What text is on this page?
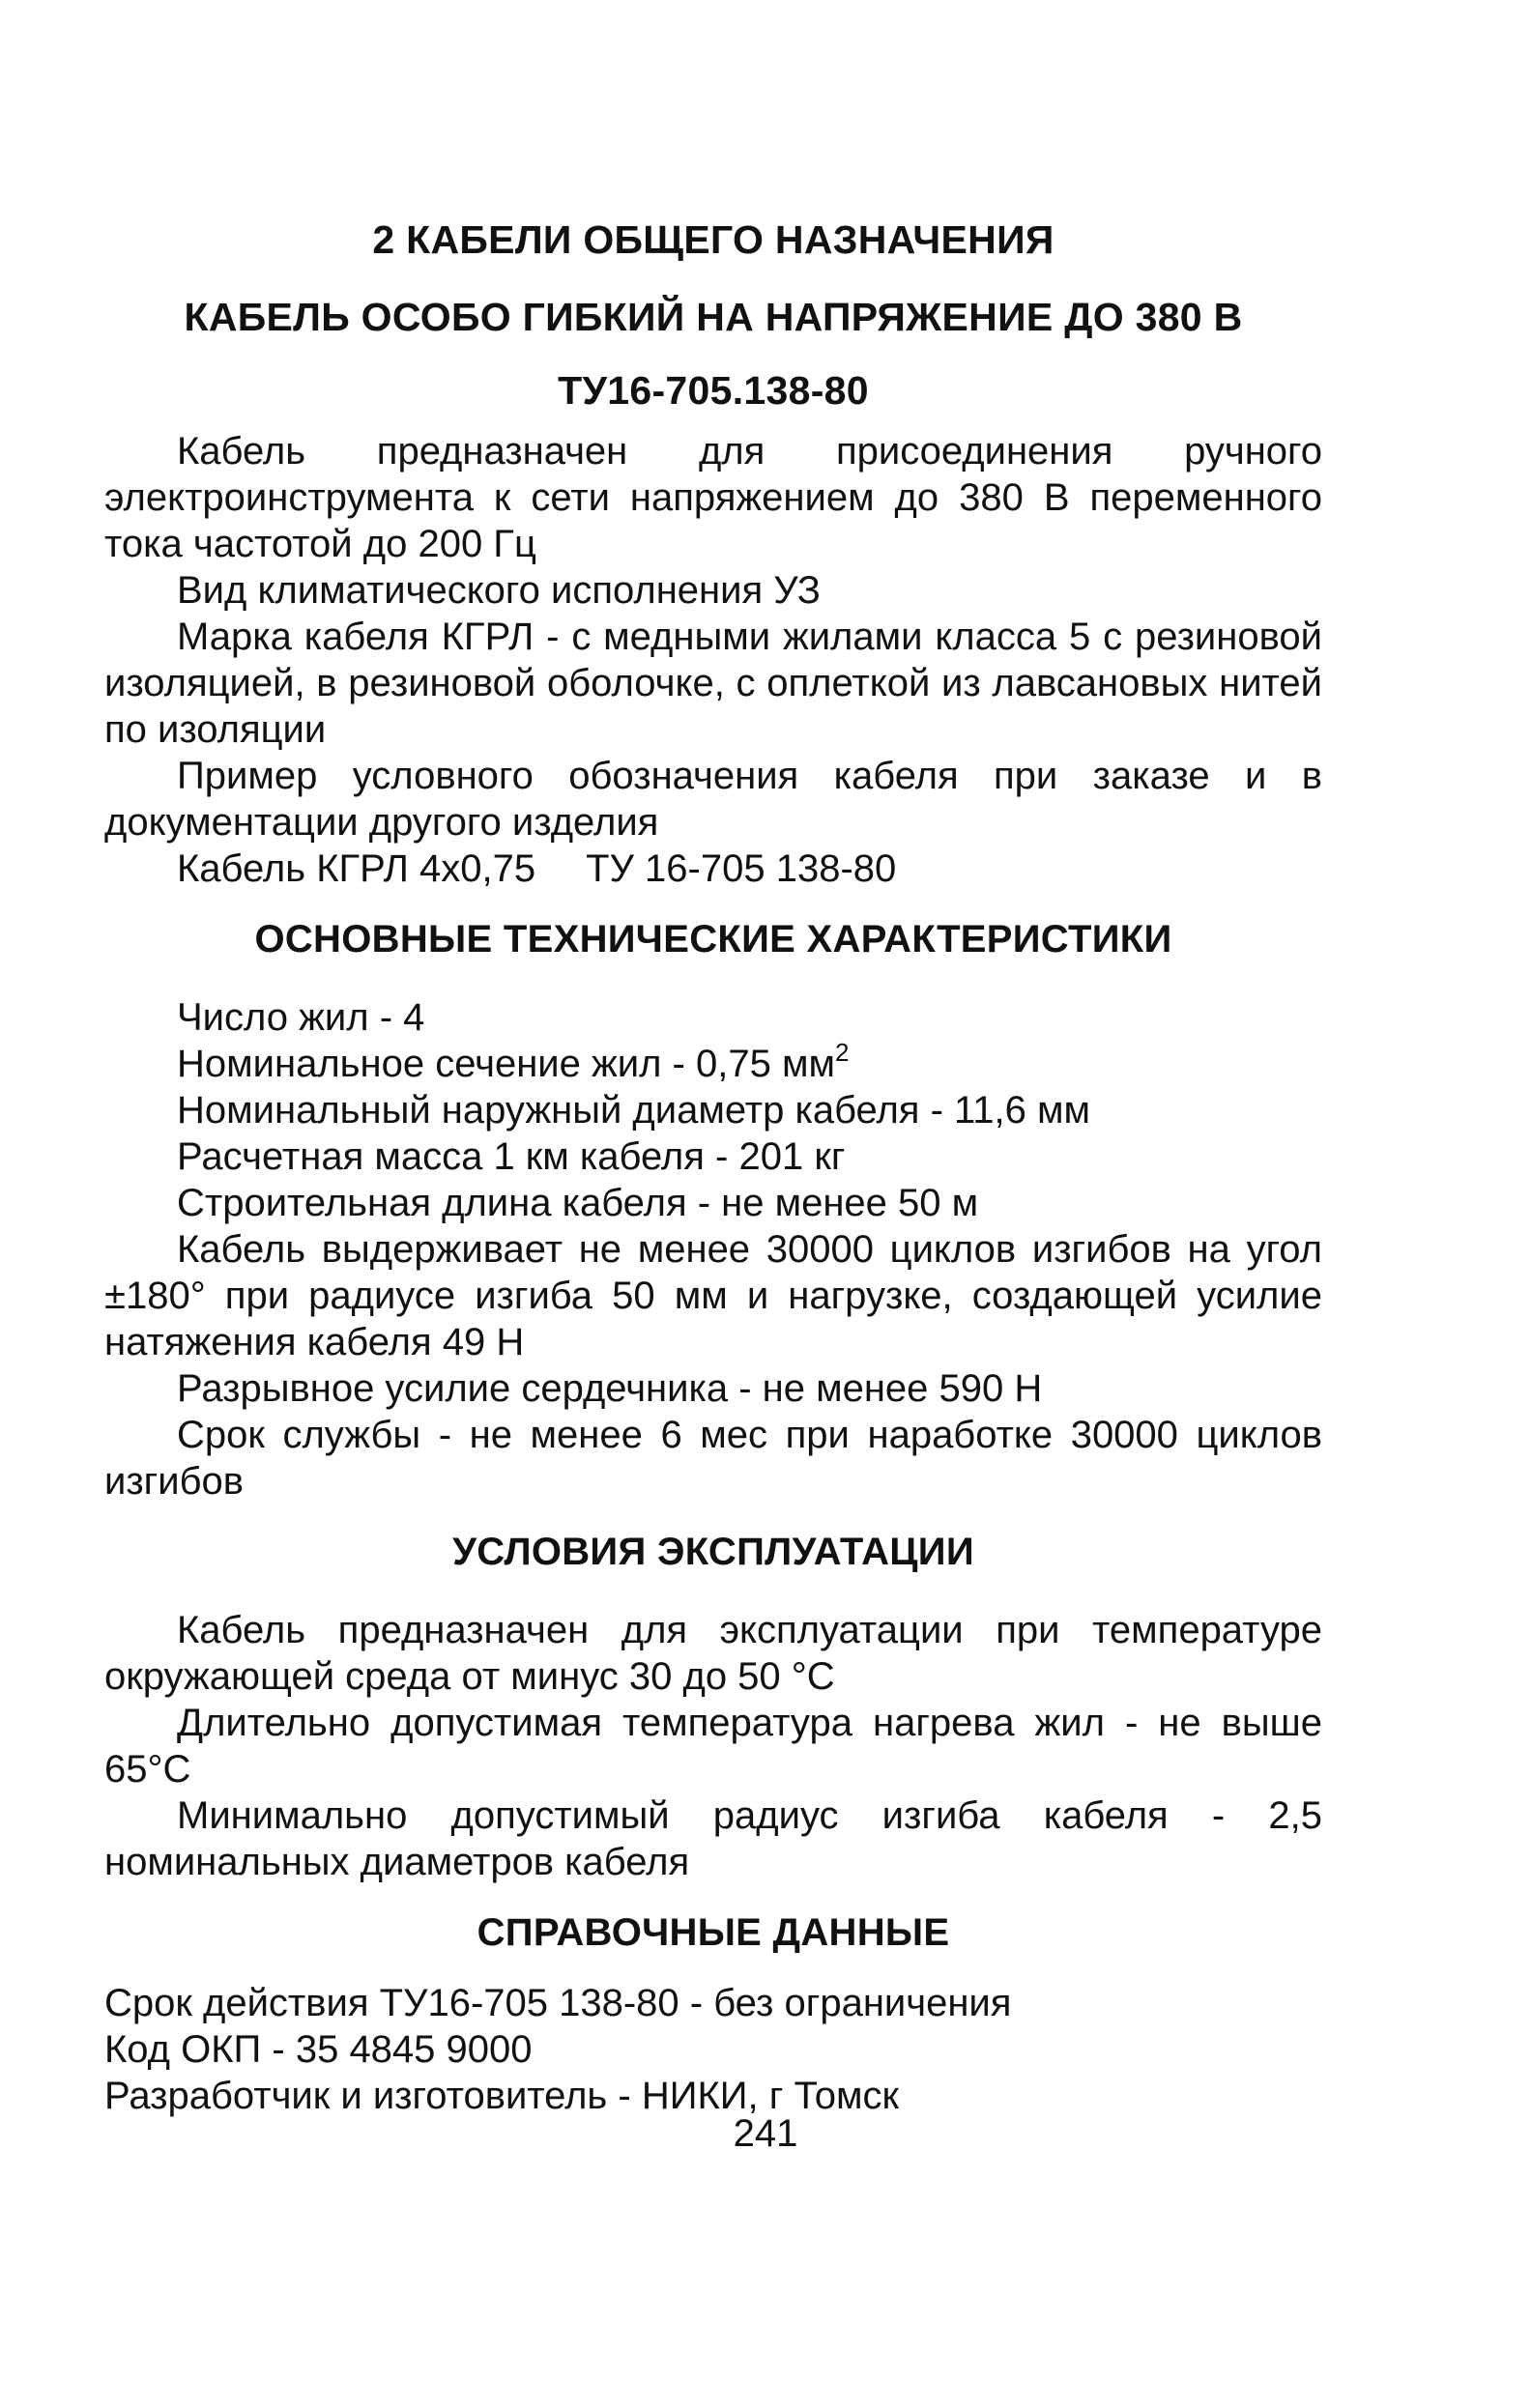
2 КАБЕЛИ ОБЩЕГО НАЗНАЧЕНИЯ

КАБЕЛЬ ОСОБО ГИБКИЙ НА НАПРЯЖЕНИЕ ДО 380 В

ТУ16-705.138-80

Кабель предназначен для присоединения ручного электроинструмента к сети напряжением до 380 В переменного тока частотой до 200 Гц

Вид климатического исполнения УЗ

Марка кабеля КГРЛ - с медными жилами класса 5 с резиновой изоляцией, в резиновой оболочке, с оплеткой из лавсановых нитей по изоляции

Пример условного обозначения кабеля при заказе и в документации другого изделия

Кабель КГРЛ 4х0,75 ТУ 16-705 138-80

ОСНОВНЫЕ ТЕХНИЧЕСКИЕ ХАРАКТЕРИСТИКИ

Число жил - 4

Номинальное сечение жил - 0,75 $мм^2$

Номинальный наружный диаметр кабеля - 11,6 мм

Расчетная масса 1 км кабеля - 201 кг

Строительная длина кабеля - не менее 50 м

Кабель выдерживает не менее 30000 циклов изгибов на угол ±180° при радиусе изгиба 50 мм и нагрузке, создающей усилие натяжения кабеля 49 Н

Разрывное усилие сердечника - не менее 590 Н

Срок службы - не менее 6 мес при наработке 30000 циклов изгибов

УСЛОВИЯ ЭКСПЛУАТАЦИИ

Кабель предназначен для эксплуатации при температуре окружающей среда от минус 30 до 50 °С

Длительно допустимая температура нагрева жил - не выше 65°С

Минимально допустимый радиус изгиба кабеля - 2,5 номинальных диаметров кабеля

СПРАВОЧНЫЕ ДАННЫЕ

Срок действия ТУ16-705 138-80 - без ограничения

Код ОКП - 35 4845 9000

Разработчик и изготовитель - НИКИ, г Томск

241
